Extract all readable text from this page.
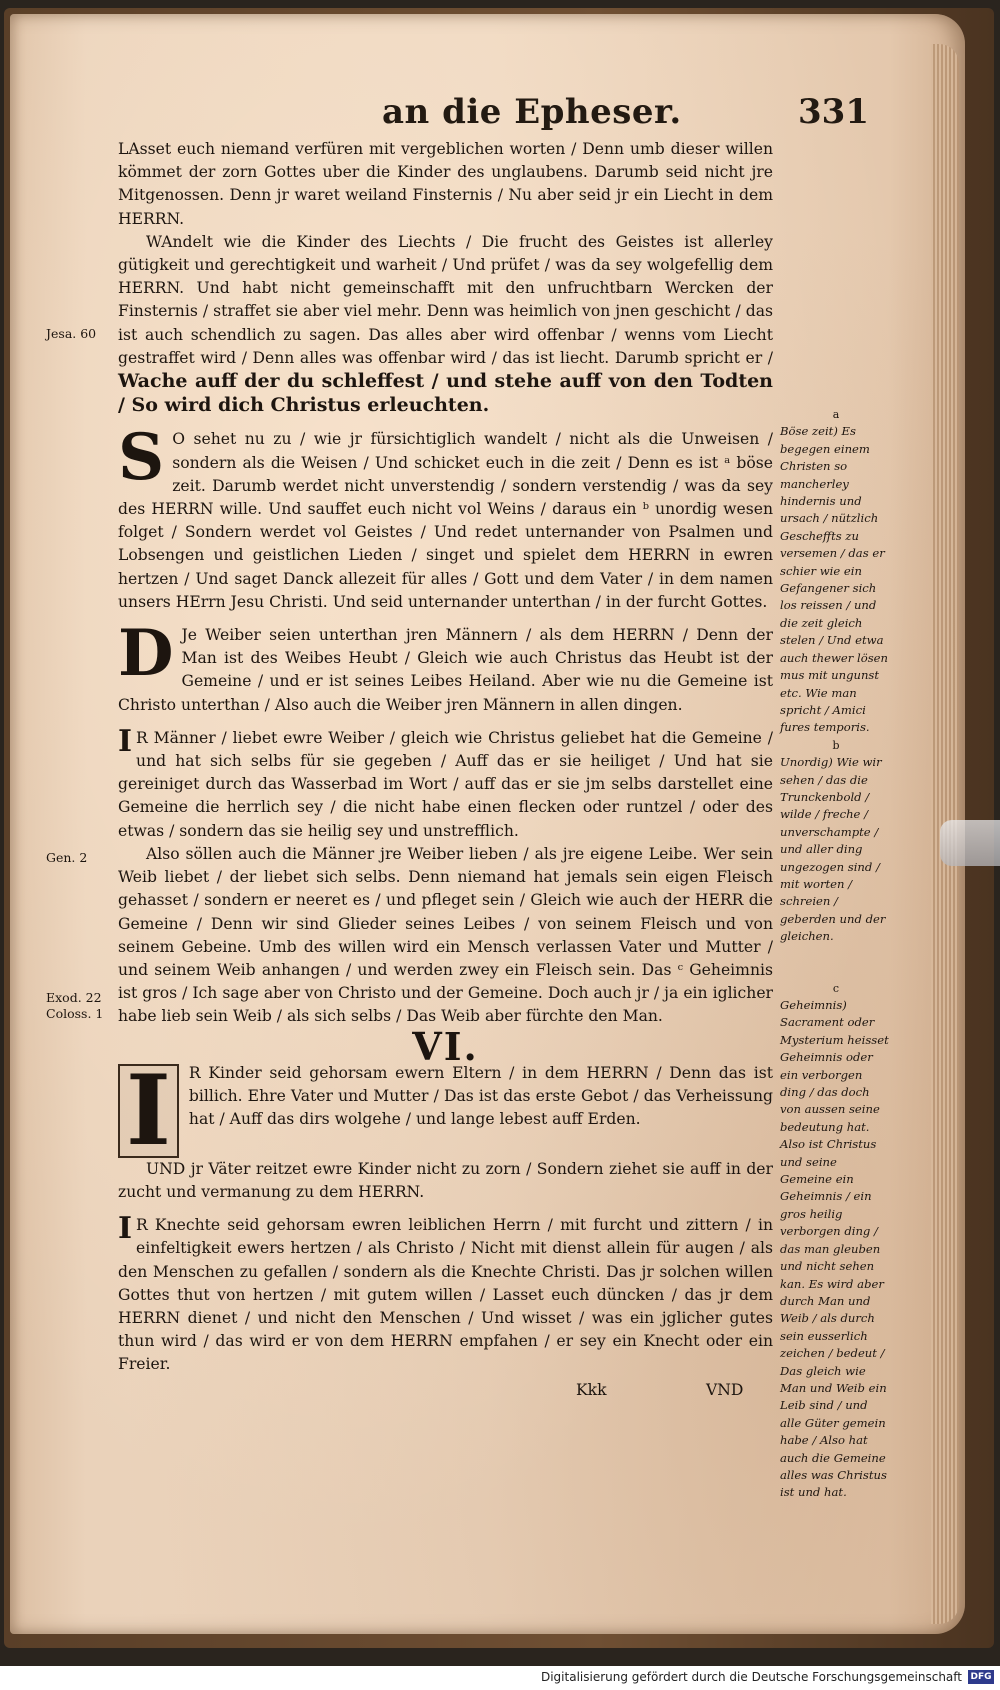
an die Epheser.	331
Jesa. 60
Gen. 2
Exod. 22
Coloss. 1

LAsset euch niemand verfüren mit vergeblichen worten / Denn umb dieser willen kömmet der zorn Gottes uber die Kinder des unglaubens. Darumb seid nicht jre Mitgenossen. Denn jr waret weiland Finsternis / Nu aber seid jr ein Liecht in dem HERRN.

WAndelt wie die Kinder des Liechts / Die frucht des Geistes ist allerley gütigkeit und gerechtigkeit und warheit / Und prüfet / was da sey wolgefellig dem HERRN. Und habt nicht gemeinschafft mit den unfruchtbarn Wercken der Finsternis / straffet sie aber viel mehr. Denn was heimlich von jnen geschicht / das ist auch schendlich zu sagen. Das alles aber wird offenbar / wenns vom Liecht gestraffet wird / Denn alles was offenbar wird / das ist liecht. Darumb spricht er / Wache auff der du schleffest / und stehe auff von den Todten / So wird dich Christus erleuchten.

S O sehet nu zu / wie jr fürsichtiglich wandelt / nicht als die Unweisen / sondern als die Weisen / Und schicket euch in die zeit / Denn es ist ᵃ böse zeit. Darumb werdet nicht unverstendig / sondern verstendig / was da sey des HERRN wille. Und sauffet euch nicht vol Weins / daraus ein ᵇ unordig wesen folget / Sondern werdet vol Geistes / Und redet unternander von Psalmen und Lobsengen und geistlichen Lieden / singet und spielet dem HERRN in ewren hertzen / Und saget Danck allezeit für alles / Gott und dem Vater / in dem namen unsers HErrn Jesu Christi. Und seid unternander unterthan / in der furcht Gottes.

D Je Weiber seien unterthan jren Männern / als dem HERRN / Denn der Man ist des Weibes Heubt / Gleich wie auch Christus das Heubt ist der Gemeine / und er ist seines Leibes Heiland. Aber wie nu die Gemeine ist Christo unterthan / Also auch die Weiber jren Männern in allen dingen.

I R Männer / liebet ewre Weiber / gleich wie Christus geliebet hat die Gemeine / und hat sich selbs für sie gegeben / Auff das er sie heiliget / Und hat sie gereiniget durch das Wasserbad im Wort / auff das er sie jm selbs darstellet eine Gemeine die herrlich sey / die nicht habe einen flecken oder runtzel / oder des etwas / sondern das sie heilig sey und unstrefflich.

Also söllen auch die Männer jre Weiber lieben / als jre eigene Leibe. Wer sein Weib liebet / der liebet sich selbs. Denn niemand hat jemals sein eigen Fleisch gehasset / sondern er neeret es / und pfleget sein / Gleich wie auch der HERR die Gemeine / Denn wir sind Glieder seines Leibes / von seinem Fleisch und von seinem Gebeine. Umb des willen wird ein Mensch verlassen Vater und Mutter / und seinem Weib anhangen / und werden zwey ein Fleisch sein. Das ᶜ Geheimnis ist gros / Ich sage aber von Christo und der Gemeine. Doch auch jr / ja ein iglicher habe lieb sein Weib / als sich selbs / Das Weib aber fürchte den Man.

VI.

I	R Kinder seid gehorsam ewern Eltern / in dem HERRN / Denn das ist billich. Ehre Vater und Mutter / Das ist das erste Gebot / das Verheissung hat / Auff das dirs wolgehe / und lange lebest auff Erden.

UND jr Väter reitzet ewre Kinder nicht zu zorn / Sondern ziehet sie auff in der zucht und vermanung zu dem HERRN.

I R Knechte seid gehorsam ewren leiblichen Herrn / mit furcht und zittern / in einfeltigkeit ewers hertzen / als Christo / Nicht mit dienst allein für augen / als den Menschen zu gefallen / sondern als die Knechte Christi. Das jr solchen willen Gottes thut von hertzen / mit gutem willen / Lasset euch düncken / das jr dem HERRN dienet / und nicht den Menschen / Und wisset / was ein jglicher gutes thun wird / das wird er von dem HERRN empfahen / er sey ein Knecht oder ein Freier.

a
Böse zeit) Es begegen einem Christen so mancherley hindernis und ursach / nützlich Gescheffts zu versemen / das er schier wie ein Gefangener sich los reissen / und die zeit gleich stelen / Und etwa auch thewer lösen mus mit ungunst etc. Wie man spricht / Amici fures temporis.

b
Unordig) Wie wir sehen / das die Trunckenbold / wilde / freche / unverschampte / und aller ding ungezogen sind / mit worten / schreien / geberden und der gleichen.

c
Geheimnis) Sacrament oder Mysterium heisset Geheimnis oder ein verborgen ding / das doch von aussen seine bedeutung hat. Also ist Christus und seine Gemeine ein Geheimnis / ein gros heilig verborgen ding / das man gleuben und nicht sehen kan. Es wird aber durch Man und Weib / als durch sein eusserlich zeichen / bedeut / Das gleich wie Man und Weib ein Leib sind / und alle Güter gemein habe / Also hat auch die Gemeine alles was Christus ist und hat.

Kkk	VND
Digitalisierung gefördert durch die Deutsche Forschungsgemeinschaft DFG
